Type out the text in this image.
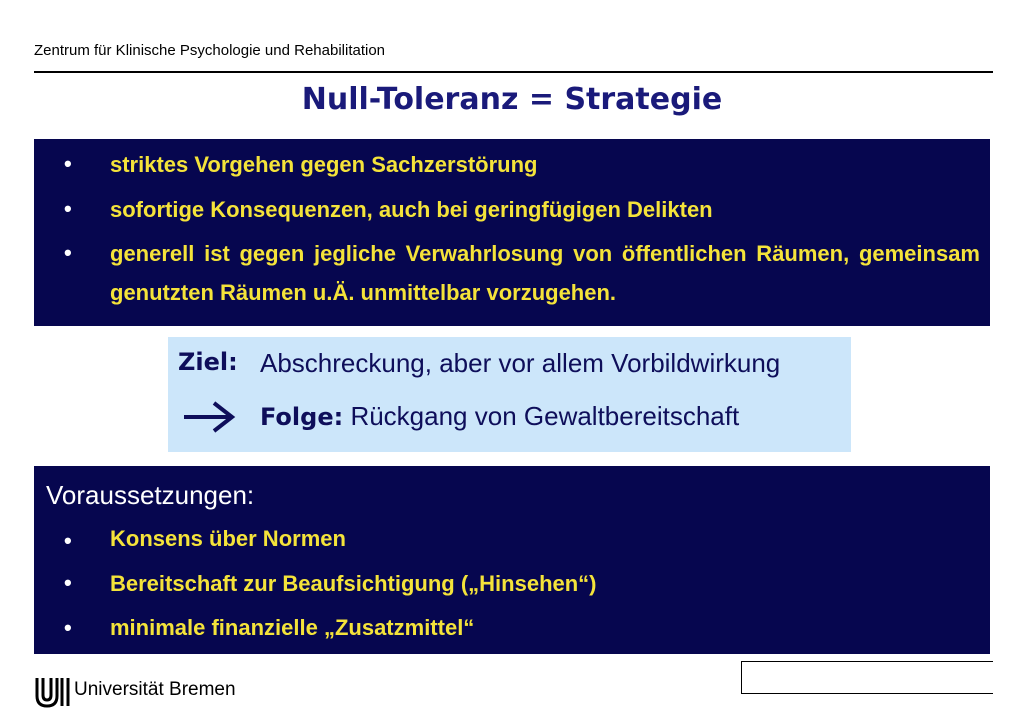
Zentrum für Klinische Psychologie und Rehabilitation
Null-Toleranz = Strategie
• striktes Vorgehen gegen Sachzerstörung
• sofortige Konsequenzen, auch bei geringfügigen Delikten
• generell ist gegen jegliche Verwahrlosung von öffentlichen Räumen, gemeinsam genutzten Räumen u.Ä. unmittelbar vorzugehen.
Ziel: Abschreckung, aber vor allem Vorbildwirkung
Folge: Rückgang von Gewaltbereitschaft
Voraussetzungen:
• Konsens über Normen
• Bereitschaft zur Beaufsichtigung („Hinsehen“)
• minimale finanzielle „Zusatzmittel“
Universität Bremen
